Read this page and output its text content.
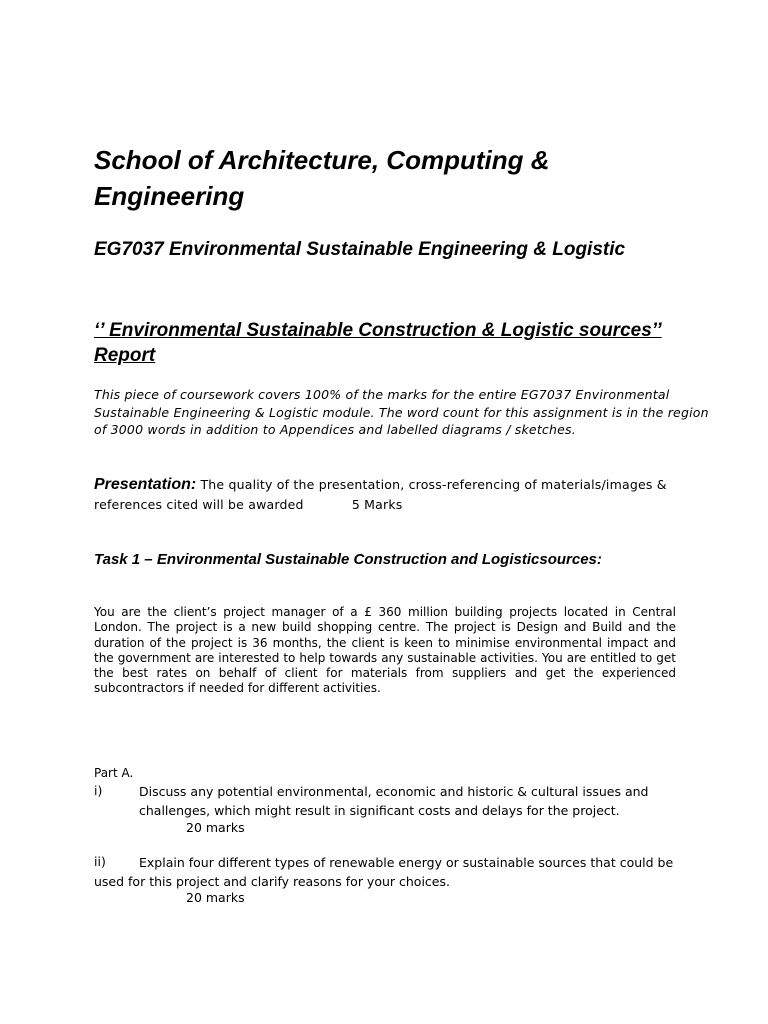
School of Architecture, Computing & Engineering
EG7037 Environmental Sustainable Engineering & Logistic
‘’ Environmental Sustainable Construction & Logistic sources’’ Report

This piece of coursework covers 100% of the marks for the entire EG7037 Environmental Sustainable Engineering & Logistic module. The word count for this assignment is in the region of 3000 words in addition to Appendices and labelled diagrams / sketches.

Presentation: The quality of the presentation, cross-referencing of materials/images & references cited will be awarded	5 Marks
Task 1 – Environmental Sustainable Construction and Logisticsources:

You are the client’s project manager of a £ 360 million building projects located in Central London. The project is a new build shopping centre. The project is Design and Build and the duration of the project is 36 months, the client is keen to minimise environmental impact and the government are interested to help towards any sustainable activities. You are entitled to get the best rates on behalf of client for materials from suppliers and get the experienced subcontractors if needed for different activities.

Part A.
i)	Discuss any potential environmental, economic and historic & cultural issues and challenges, which might result in significant costs and delays for the project.

20 marks
ii)	Explain four different types of renewable energy or sustainable sources that could be used for this project and clarify reasons for your choices.

20 marks
